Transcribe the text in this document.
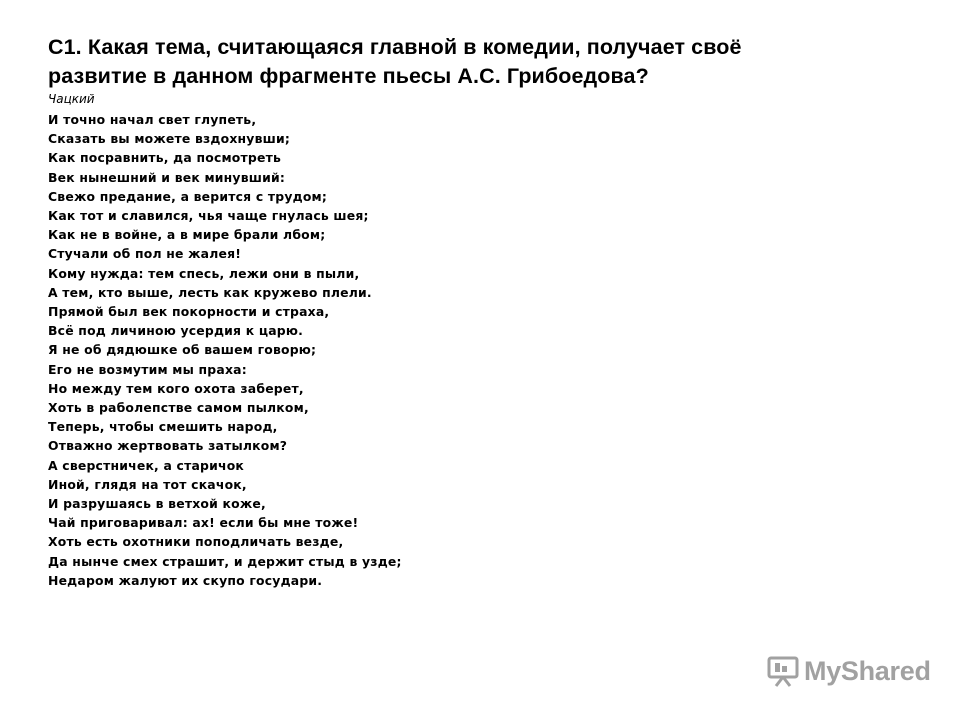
С1. Какая тема, считающаяся главной в комедии, получает своё
развитие в данном фрагменте пьесы А.С. Грибоедова?

Чацкий
И точно начал свет глупеть,
Сказать вы можете вздохнувши;
Как посравнить, да посмотреть
Век нынешний и век минувший:
Свежо предание, а верится с трудом;
Как тот и славился, чья чаще гнулась шея;
Как не в войне, а в мире брали лбом;
Стучали об пол не жалея!
Кому нужда: тем спесь, лежи они в пыли,
А тем, кто выше, лесть как кружево плели.
Прямой был век покорности и страха,
Всё под личиною усердия к царю.
Я не об дядюшке об вашем говорю;
Его не возмутим мы праха:
Но между тем кого охота заберет,
Хоть в раболепстве самом пылком,
Теперь, чтобы смешить народ,
Отважно жертвовать затылком?
А сверстничек, а старичок
Иной, глядя на тот скачок,
И разрушаясь в ветхой коже,
Чай приговаривал: ах! если бы мне тоже!
Хоть есть охотники поподличать везде,
Да нынче смех страшит, и держит стыд в узде;
Недаром жалуют их скупо государи.
MyShared
